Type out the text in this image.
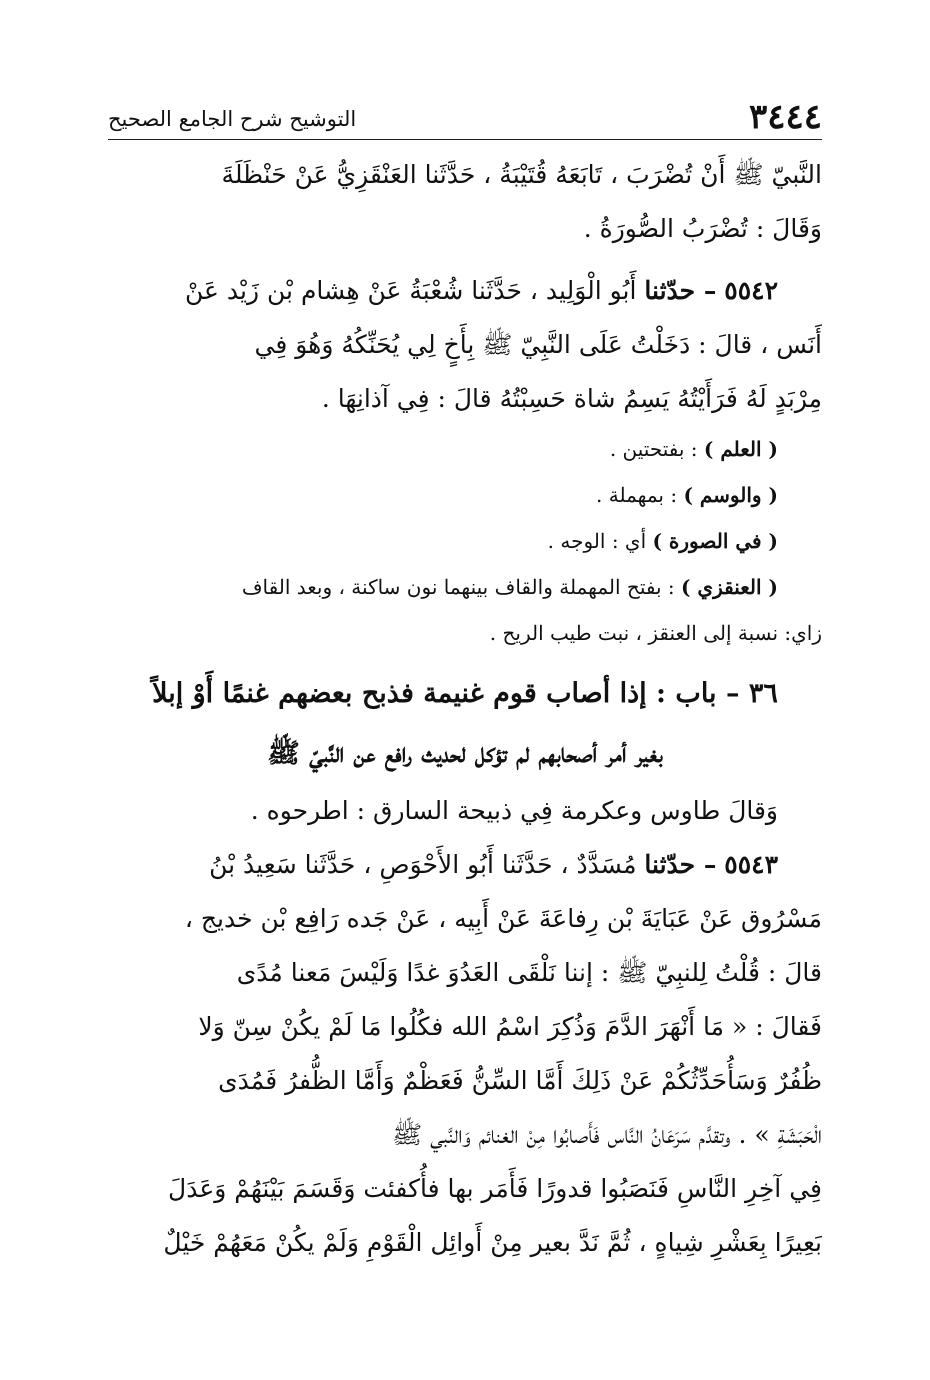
٣٤٤٤
التوشيح شرح الجامع الصحيح
النَّبيّ ﷺ أَنْ تُضْرَبَ ، تَابَعَهُ قُتَيْبَةُ ، حَدَّثَنا العَنْقَزِيُّ عَنْ حَنْظَلَةَ
وَقَالَ : تُضْرَبُ الصُّورَةُ .
٥٥٤٢ – حدّثنا أَبُو الْوَلِيد ، حَدَّثَنا شُعْبَةُ عَنْ هِشام بْن زَيْد عَنْ
أَنَس ، قالَ : دَخَلْتُ عَلَى النَّبِيّ ﷺ بِأَخٍ لِي يُحَنِّكُهُ وَهُوَ فِي
مِرْبَدٍ لَهُ فَرَأَيْتُهُ يَسِمُ شاة حَسِبْتُهُ قالَ : فِي آذانِهَا .
( العلم ) : بفتحتين .
( والوسم ) : بمهملة .
( في الصورة ) أي : الوجه .
( العنقزي ) : بفتح المهملة والقاف بينهما نون ساكنة ، وبعد القاف
زاي: نسبة إلى العنقز ، نبت طيب الريح .
٣٦ – باب : إذا أصاب قوم غنيمة فذبح بعضهم غنمًا أَوْ إبلاً
بغير أمر أصحابهم لم تؤكل لحديث رافع عن النَّبيّ ﷺ
وَقالَ طاوس وعكرمة فِي ذبيحة السارق : اطرحوه .
٥٥٤٣ – حدّثنا مُسَدَّدٌ ، حَدَّثَنا أَبُو الأَحْوَصِ ، حَدَّثَنا سَعِيدُ بْنُ
مَسْرُوق عَنْ عَبَايَةَ بْن رِفاعَةَ عَنْ أَبِيه ، عَنْ جَده رَافِع بْن خديج ،
قالَ : قُلْتُ لِلنبِيّ ﷺ : إننا نَلْقَى العَدُوَ غدًا وَلَيْسَ مَعنا مُدًى
فَقالَ : « مَا أَنْهَرَ الدَّمَ وَذُكِرَ اسْمُ الله فكُلُوا مَا لَمْ يكُنْ سِنّ وَلا
ظُفُرٌ وَسَأُحَدِّثُكُمْ عَنْ ذَلِكَ أَمَّا السِّنُّ فَعَظْمٌ وَأَمَّا الظُّفرُ فَمُدَى
الْحَبَشَةِ » . وتقدَّم سَرَعَانُ النَّاس فَأَصابُوا مِنْ الغنائم وَالنَّبي ﷺ
فِي آخِرِ النَّاسِ فَنَصَبُوا قدورًا فَأَمَر بها فأُكفئت وَقَسَمَ بَيْنَهُمْ وَعَدَلَ
بَعِيرًا بِعَشْرِ شِياهٍ ، ثُمَّ نَدَّ بعير مِنْ أَوائِل الْقَوْمِ وَلَمْ يكُنْ مَعَهُمْ خَيْلٌ
